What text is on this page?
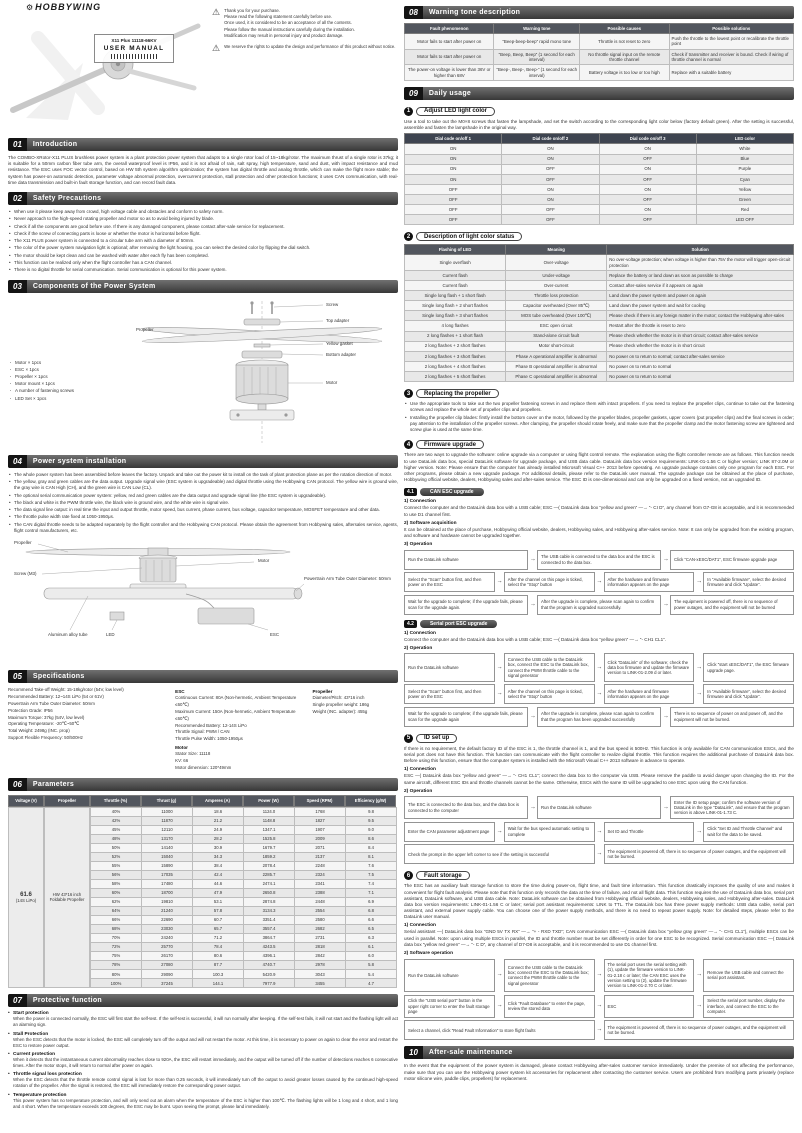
⚙ HOBBYWING
X11 Plus 11118-66KV
USER MANUAL
⚠ Thank you for your purchase.
Please read the following statement carefully before use.
Once used, it is considered to be an acceptance of all the contents.
Please follow the manual instructions carefully during the installation.
Modification may result in personal injury and product damage.
⚠ We reserve the rights to update the design and performance of this product without notice.
01	Introduction

The COMBO-XRotor-X11 PLUS brushless power system is a plant protection power system that adapts to a single rotor load of 15~18kg/rotor. The maximum thrust of a single rotor is 37kg; it is suitable for a 50mm carbon fiber tube arm, the overall waterproof level is IP56, and it is not afraid of rain, salt spray, high temperature, sand and dust, with impact resistance and mud resistance. The ESC uses FOC vector control, based on HW 5th system algorithm optimization; the system has digital throttle and analog throttle, which can make the flight more stable; the system has power-on automatic detection, parameter voltage abnormal protection, overcurrent protection, stall protection and other protection functions; it uses CAN communication, with real-time data transmission and built-in fault storage function, and can record fault data.

02	Safety Precautions
• When use it please keep away from crowd, high voltage cable and obstacles and conform to safety norm.
• Never approach to the high-speed rotating propeller and motor so as to avoid being injured by blade.
• Check if all the components are good before use. If there is any damaged component, please contact after-sale service for replacement.
• Check if the screw of connecting parts is loose or whether the motor is horizontal before flight.
• The X11 PLUS power system is connected to a circular tube arm with a diameter of 50mm.
• The color of the power system navigation light is optional; after removing the light housing, you can select the desired color by flipping the dial switch.
• The motor should be kept clean and can be washed with water after each fly has been completed.
• This function can be realized only when the flight controller has a CAN channel.
• There is no digital throttle for serial communication. Serial communication is optional for this power system.
03	Components of the Power System
Screw
Top adapter
Yellow gasket
Bottom adapter
Motor
Propeller
· Motor × 1pcs
· ESC × 1pcs
· Propeller × 1pcs
· Motor mount × 1pcs
· A number of fastening screws
· LED Set × 1pcs
04	Power system installation
• The whole power system has been assembled before leaves the factory. Unpack and take out the power kit to install on the task of plant protection plane as per the rotation direction of motor.
• The yellow, gray and green cables are the data output. Upgrade signal wire (ESC system is upgradeable) and digital throttle using the Hobbywing CAN protocol. The yellow wire is ground wire, the gray wire is CAN High (CH), and the green wire is CAN Low (CL).
• The optional serial communication power system: yellow, red and green cables are the data output and upgrade signal line (the ESC system is upgradeable).
• The black and white is the PWM throttle wire, the black wire is ground wire, and the white wire is signal wire.
• The data signal line output: in real time the input and output throttle, motor speed, bus current, phase current, bus voltage, capacitor temperature, MOSFET temperature and other data.
• The throttle pulse width rate fixed at 1050-1950μs.
• The CAN digital throttle needs to be adapted separately by the flight controller and the Hobbywing CAN protocol. Please obtain the agreement from Hobbywing sales, aftersales service, agents, flight control manufacturers, etc.
Propeller
Screw (M3)
Motor
Powertrain Arm Tube Outer Diameter: 50mm
Aluminum alloy tube	LED	ESC
05	Specifications
Recommend Take-off Weight: 15-18kg/rotor (54V, low level)
Recommended Battery: 12~14S LiPo (54 or 61V)
Powertrain Arm Tube Outer Diameter: 50mm
Protection Grade: IP56
Maximum Torque: 37kg (54V, low level)
Operating Temperature: -20℃~50℃
Total Weight: 2498g (INC. prop)
Support Flexible Frequency: 50/500Hz
ESC
Continuous Current: 80A (Non-hermetic, Ambient Temperature ≤60℃)
Maximum Current: 150A (Non-hermetic, Ambient Temperature ≤60℃)
Recommended Battery: 12-14S LiPo
Throttle Signal: PWM / CAN
Throttle Pulse Width: 1050-1950μs
Motor
Stator Size: 11118
KV: 66
Motor dimension: 120*49mm
Propeller
Diameter/Pitch: 43*16 inch
Single propeller weight: 186g
Weight (INC. adapter): 455g
06	Parameters
Voltage (V)	Propeller	Throttle (%)	Thrust (g)	Amperes (A)	Power (W)	Speed (RPM)	Efficiency (g/W)
61.6
(14S LiPo)
HW 43*16 inch Foldable Propeller
40%	11000	18.6	1124.0	1768	9.8
42%	11870	21.2	1148.8	1827	9.5
45%	12110	24.9	1347.1	1907	9.0
48%	13170	28.2	1525.8	2009	8.6
50%	14140	30.9	1679.7	2071	8.4
52%	15040	34.3	1859.2	2137	8.1
55%	15890	38.4	2078.4	2248	7.6
56%	17035	42.4	2285.7	2324	7.5
58%	17480	44.6	2474.1	2341	7.4
60%	18700	47.9	2650.8	2388	7.1
62%	19810	53.1	2874.8	2448	6.9
64%	21240	57.8	3134.3	2554	6.8
66%	22690	60.7	3351.4	2580	6.6
68%	23030	65.7	3557.4	2682	6.5
70%	24240	71.2	3864.7	2731	6.3
72%	25770	78.4	4243.5	2818	6.1
75%	26170	80.6	4396.1	2842	6.0
78%	27080	87.7	4740.7	2978	5.8
80%	29090	100.3	5420.9	3043	5.4
100%	37245	144.1	7977.9	3455	4.7
07	Protective function
• Start protection
When the power is connected normally, the ESC will first start the self-test. If the self-test is successful, it will run normally after keeping. If the self-test fails, it will not start and the flashing light will act an alarming sign.
• Stall Protection
When the ESC detects that the motor is locked, the ESC will completely turn off the output and will not restart the motor. At this time, it is necessary to power on again to clear the error and restart the ESC to restore power output.
• Current protection
When it detects that the instantaneous current abnormality reaches close to 920A, the ESC will restart immediately, and the output will be turned off if the number of detections reaches 6 consecutive times. After the motor stops, it will return to normal after power on again.
• Throttle signal loss protection
When the ESC detects that the throttle remote control signal is lost for more than 0.25 seconds, it will immediately turn off the output to avoid greater losses caused by the continued high-speed rotation of the propeller. After the signal is restored, the ESC will immediately restore the corresponding power output.
• Temperature protection
This power system has no temperature protection, and will only send out an alarm when the temperature of the ESC is higher than 100℃. The flashing lights will be 1 long and 4 short, and 1 long and 4 short. When the temperature exceeds 100 degrees, the ESC may be burnt. Upon seeing the prompt, please land immediately.
08	Warning tone description
Fault phenomenon	Warning tone	Possible causes	Possible solutions
Motor fails to start after power on	“Beep-beep-beep” rapid mono tone	Throttle is not reset to zero	Push the throttle to the lowest point or recalibrate the throttle point
Motor fails to start after power on	“Beep, Beep, Beep” (1 second for each interval)	No throttle signal input on the remote throttle channel	Check if transmitter and receiver is bound. Check if wiring of throttle channel is normal
The power-on voltage is lower than 36V or higher than 68V	“Beep-, Beep-, Beep-” (1 second for each interval)	Battery voltage is too low or too high	Replace with a suitable battery
09	Daily usage
1	Adjust LED light color

Use a tool to take out the M0×8 screws that fasten the lampshade, and set the switch according to the corresponding light color below (factory default green). After the setting is successful, assemble and fasten the lampshade in the original way.

Dial code on/off 1	Dial code on/off 2	Dial code on/off 3	LED color
ON	ON	ON	White
ON	ON	OFF	Blue
ON	OFF	ON	Purple
ON	OFF	OFF	Cyan
OFF	ON	ON	Yellow
OFF	ON	OFF	Green
OFF	OFF	ON	Red
OFF	OFF	OFF	LED OFF
2	Description of light color status
Flashing of LED	Meaning	Solution
Single overflash	Over-voltage	No over-voltage protection; when voltage is higher than 75V the motor will trigger open-circuit protection
Current flash	Under-voltage	Replace the battery or land down as soon as possible to charge
Current flash	Over-current	Contact after-sales service if it appears on again
Single long flash + 1 short flash	Throttle loss protection	Land down the power system and power on again
Single long flash + 2 short flashes	Capacitor overheated (Over 85℃)	Land down the power system and wait for cooling
Single long flash + 3 short flashes	MOS tube overheated (Over 100℃)	Please check if there is any foreign matter in the motor; contact the Hobbywing after-sales
4 long flashes	ESC open circuit	Restart after the throttle is reset to zero
2 long flashes + 1 short flash	Stand-alone circuit fault	Please check whether the motor is in short circuit; contact after-sales service
2 long flashes + 2 short flashes	Motor short-circuit	Please check whether the motor is in short circuit
2 long flashes + 3 short flashes	Phase A operational amplifier is abnormal	No power on to return to normal; contact after-sales service
2 long flashes + 4 short flashes	Phase B operational amplifier is abnormal	No power on to return to normal
2 long flashes + 5 short flashes	Phase C operational amplifier is abnormal	No power on to return to normal
3	Replacing the propeller
• Use the appropriate tools to take out the two propeller fastening screws in and replace them with intact propellers. If you need to replace the propeller clips, continue to take out the fastening screws and replace the whole set of propeller clips and propellers.
• Installing the propeller clip blades: firstly install the bottom cover on the motor, followed by the propeller blades, propeller gaskets, upper covers (put propeller clips) and the final screws in order; pay attention to the installation of the propeller screws. After clamping, the propeller should rotate freely, and make sure that the propeller clamp and the motor fastening screw are tightened and screw glue is used at the same time.
4	Firmware upgrade

There are two ways to upgrade the software: online upgrade via a computer or using flight control remote. The explanation using the flight controller remote are as follows. This function needs to use DataLink data box, special DataLink software for upgrade package, and USB data cable. DataLink data box version requirements: LINK-01-1.56 C or higher version; LINK 87-2.0M or higher version. Note: Please ensure that the computer has already installed Microsoft Visual C++ 2013 before operating. An upgrade package contains only one program for each ESC. For other programs, please obtain a new upgrade package. For additional details, please refer to the DataLink user manual. The upgrade package can be obtained at the place of purchase, Hobbywing official website, dealers, Hobbywing sales and after-sales service. The ESC ID is one-dimensional and can only be upgraded on a fixed version, not an upgraded ID.

4.1	CAN ESC upgrade
1) Connection

Connect the computer and the DataLink data box with a USB cable; ESC —( DataLink data box “yellow and green” —→ “- CI D”, any channel from G7-G8 is acceptable, and it is recommended to use D1 channel first.

2) Software acquisition

It can be obtained at the place of purchase, Hobbywing official website, dealers, Hobbywing sales, and Hobbywing after-sales service. Note: It can only be upgraded from the existing program, and software and hardware cannot be upgraded together.

3) Operation
Run the DataLink software
→ The USB cable is connected to the data box and the ESC is connected to the data box.
→ Click “CAN-xESC/DAT1”, ESC firmware upgrade page
Select the “Scan” button first, and then power on the ESC
→ After the channel on this page is ticked, select the “Stop” button
→ After the hardware and firmware information appears on the page
→ In “Available firmware”, select the desired firmware and click “Update”.
Wait for the upgrade to complete; if the upgrade fails, please scan for the upgrade again.
→ After the upgrade is complete, please scan again to confirm that the program is upgraded successfully.
→ The equipment is powered off, there is no sequence of power outages, and the equipment will not be burned
4.2	Serial port ESC upgrade
1) Connection

Connect the computer and the DataLink data box with a USB cable; ESC —( DataLink data box “yellow green” —→ “- CH1 CL1”.

2) Operation
Run the DataLink software
→ Connect the USB cable to the DataLink box, connect the ESC to the DataLink box, connect the PWM throttle cable to the signal generator
→ Click “DataLink” of the software; check the data box firmware and update the firmware version to LINK-01-2.09 d or later.
→ Click “start xESC/DAT1”, the ESC firmware upgrade page.
Select the “Scan” button first, and then power on the ESC
→ After the channel on this page is ticked, select the “Stop” button
→ After the hardware and firmware information appears on the page
→ In “Available firmware”, select the desired firmware and click “Update”.
Wait for the upgrade to complete; if the upgrade fails, please scan for the upgrade again
→ After the upgrade is complete, please scan again to confirm that the program has been upgraded successfully
→ There is no sequence of power on and power off, and the equipment will not be burned.
5	ID set up

If there is no requirement, the default factory ID of the ESC is 1, the throttle channel is 1, and the bus speed is 500Hz. This function is only available for CAN communication ESCs, and the serial port does not have this function. This function can communicate with the flight controller to realize digital throttle. This function requires the additional purchase of DataLink data box. Before using this function, ensure that the computer system is installed with the Microsoft Visual C++ 2013 software in advance to operate.

1) Connection

ESC —( DataLink data box “yellow and green” —→ “- CH1 CL1”; connect the data box to the computer via USB. Please remove the paddle to avoid danger upon changing the ID. For the same aircraft, different ESC IDs and throttle channels cannot be the same. Otherwise, ESCs with the same ID will be upgraded to one ESC upon using the CAN function.

2) Operation
The ESC is connected to the data box, and the data box is connected to the computer
→ Run the DataLink software
→ Enter the ID setup page; confirm the software version of DataLink in the type “DataLink”, and ensure that the program version is above LINK-01-1.73 C.
Enter the CAN parameter adjustment page
→ Wait for the bus speed automatic setting to complete
→ Set ID and Throttle
→ Click “Set ID and Throttle Channel” and wait for the data to be saved.
Check the prompt in the upper left corner to see if the setting is successful
→ The equipment is powered off, there is no sequence of power outages, and the equipment will not be burned.
6	Fault storage

The ESC has an auxiliary fault storage function to store the time during power-on, flight time, and fault time information. This function drastically improves the quality of use and makes it convenient for flight fault analysis. Please note that this function only records the data at the time of failure, and not all flight data. This function requires the use of DataLink data box, serial port assistant, DataLink software, and USB data cable. Note: DataLink software can be obtained from Hobbywing official website, dealers, Hobbywing sales, and Hobbywing after-sales. DataLink data box version requirements: LINK-01-1.56 C or later; serial port assistant requirements: LINK to TTL. The DataLink box has three power supply methods: USB data cable, serial port assistant, and external power supply cable. You can choose one of the power supply methods, and there is no need to repeat power supply. Note: for detailed steps, please refer to the DataLink user manual.

1) Connection

Serial assistant —( DataLink data box “GND 5V TX RX” —→ “+ - RXD TXD”; CAN communication ESC —( DataLink data box “yellow gray green” —→ “- CH1 CL1”), multiple ESCs can be used in parallel. Note: upon using multiple ESCs in parallel, the ID and throttle number must be set differently in order for one ESC to be recognized. Serial communication ESC —( DataLink data box “yellow red green” —→ “- C D”, any channel of D7-D8 is acceptable, and it is recommended to use D1 channel first.

2) Software operation
Run the DataLink software
→ Connect the USB cable to the DataLink box; connect the ESC to the DataLink box; connect the PWM throttle cable to the signal generator
→ The serial port uses the serial setting with (1), update the firmware version to LINK-01-2.18 c or later; the CAN ESC uses the version setting to (2), update the firmware version to LINK-01-2.70 C or later.
→ Remove the USB cable and connect the serial port assistant.
Click the “USB serial port” button in the upper right corner to enter the fault storage page
→ Click “Fault Database” to enter the page, review the stored data
→ ESC
→ Select the serial port number, display the interface, and connect the ESC to the computer.
Select a channel, click “Read Fault Information” to store flight faults
→ The equipment is powered off, there is no sequence of power outages, and the equipment will not be burned.
10	After-sale maintenance

In the event that the equipment of the power system is damaged, please contact Hobbywing after-sales customer service immediately. Under the premise of not affecting the performance, make sure that you can use the Hobbywing power system kit accessories for replacement after contacting the customer service. Users are prohibited from modifying parts privately (replace motor silicone wire, paddle clips, propellers) for replacement.
